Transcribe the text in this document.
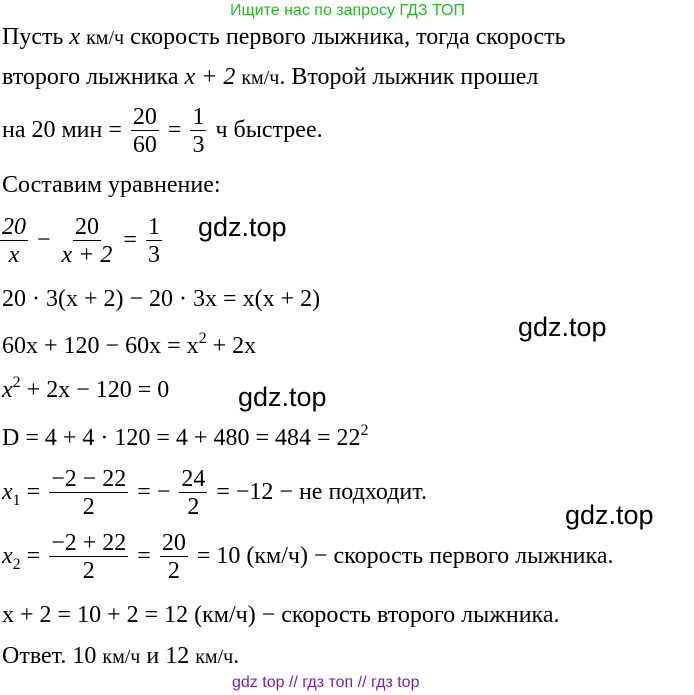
Ищите нас по запросу ГДЗ ТОП
Пусть x км/ч скорость первого лыжника, тогда скорость
второго лыжника x + 2 км/ч. Второй лыжник прошел
на 20 мин = $\frac{20}{60} = \frac{1}{3}$ ч быстрее.
Составим уравнение:
$\frac{20}{x} - \frac{20}{x + 2} = \frac{1}{3}$
20 · 3(x + 2) − 20 · 3x = x(x + 2)
$60x + 120 - 60x = x^2 + 2x$
$x^2 + 2x - 120 = 0$
$D = 4 + 4 \cdot 120 = 4 + 480 = 484 = 22^2$
$x_1 = \frac{-2 - 22}{2}$ = − $\frac{24}{2} = -12$ − не подходит.
$x_2 = \frac{-2 + 22}{2} = \frac{20}{2} = 10$ (км/ч) − скорость первого лыжника.
x + 2 = 10 + 2 = 12 (км/ч) − скорость второго лыжника.
Ответ. 10 км/ч и 12 км/ч.
gdz.top
gdz.top
gdz.top
gdz.top
gdz top // гдз топ // гдз top
